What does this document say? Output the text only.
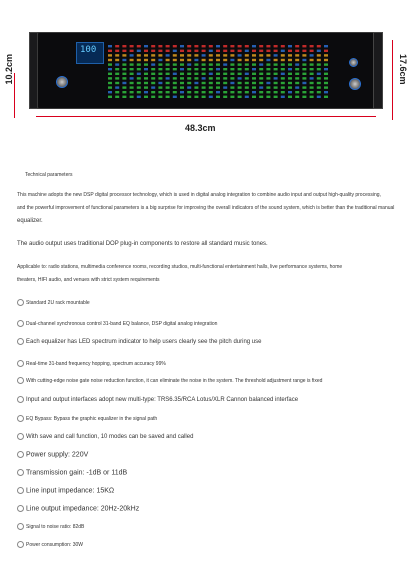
100
10.2cm	17.6cm
48.3cm
Technical parameters
This machine adopts the new DSP digital processor technology, which is used in digital analog integration to combine audio input and output high-quality processing,
and the powerful improvement of functional parameters is a big surprise for improving the overall indicators of the sound system, which is better than the traditional manual
equalizer.
The audio output uses traditional DOP plug-in components to restore all standard music tones.
Applicable to: radio stations, multimedia conference rooms, recording studios, multi-functional entertainment halls, live performance systems, home
theaters, HIFI audio, and venues with strict system requirements
Standard 2U rack mountable
Dual-channel synchronous control 31-band EQ balance, DSP digital analog integration
Each equalizer has LED spectrum indicator to help users clearly see the pitch during use
Real-time 31-band frequency hopping, spectrum accuracy 99%
With cutting-edge noise gate noise reduction function, it can eliminate the noise in the system. The threshold adjustment range is fixed
Input and output interfaces adopt new multi-type: TRS6.35/RCA Lotus/XLR Cannon balanced interface
EQ Bypass: Bypass the graphic equalizer in the signal path
With save and call function, 10 modes can be saved and called
Power supply: 220V
Transmission gain: -1dB or 11dB
Line input impedance: 15KΩ
Line output impedance: 20Hz-20kHz
Signal to noise ratio: 82dB
Power consumption: 30W
